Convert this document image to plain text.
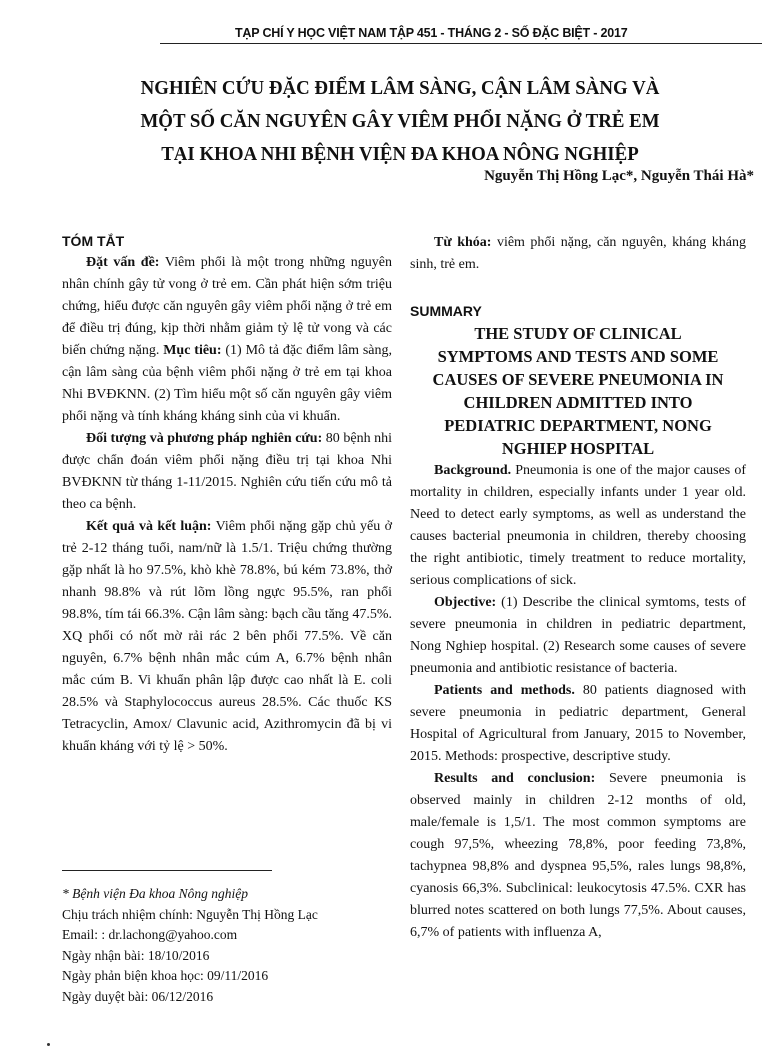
TẠP CHÍ Y HỌC VIỆT NAM TẬP 451 - THÁNG 2 - SỐ ĐẶC BIỆT - 2017
NGHIÊN CỨU ĐẶC ĐIỂM LÂM SÀNG, CẬN LÂM SÀNG VÀ
MỘT SỐ CĂN NGUYÊN GÂY VIÊM PHỔI NẶNG Ở TRẺ EM
TẠI KHOA NHI BỆNH VIỆN ĐA KHOA NÔNG NGHIỆP
Nguyễn Thị Hồng Lạc*, Nguyễn Thái Hà*
TÓM TẮT

Đặt vấn đề: Viêm phổi là một trong những nguyên nhân chính gây tử vong ở trẻ em. Cần phát hiện sớm triệu chứng, hiểu được căn nguyên gây viêm phổi nặng ở trẻ em để điều trị đúng, kịp thời nhằm giảm tỷ lệ tử vong và các biến chứng nặng. Mục tiêu: (1) Mô tả đặc điểm lâm sàng, cận lâm sàng của bệnh viêm phổi nặng ở trẻ em tại khoa Nhi BVĐKNN. (2) Tìm hiểu một số căn nguyên gây viêm phổi nặng và tính kháng kháng sinh của vi khuẩn.

Đối tượng và phương pháp nghiên cứu: 80 bệnh nhi được chẩn đoán viêm phổi nặng điều trị tại khoa Nhi BVĐKNN từ tháng 1-11/2015. Nghiên cứu tiến cứu mô tả theo ca bệnh.

Kết quả và kết luận: Viêm phổi nặng gặp chủ yếu ở trẻ 2-12 tháng tuổi, nam/nữ là 1.5/1. Triệu chứng thường gặp nhất là ho 97.5%, khò khè 78.8%, bú kém 73.8%, thở nhanh 98.8% và rút lõm lồng ngực 95.5%, ran phổi 98.8%, tím tái 66.3%. Cận lâm sàng: bạch cầu tăng 47.5%. XQ phổi có nốt mờ rải rác 2 bên phổi 77.5%. Về căn nguyên, 6.7% bệnh nhân mắc cúm A, 6.7% bệnh nhân mắc cúm B. Vi khuẩn phân lập được cao nhất là E. coli 28.5% và Staphylococcus aureus 28.5%. Các thuốc KS Tetracyclin, Amox/ Clavunic acid, Azithromycin đã bị vi khuẩn kháng với tỷ lệ > 50%.

Từ khóa: viêm phổi nặng, căn nguyên, kháng kháng sinh, trẻ em.

SUMMARY
THE STUDY OF CLINICAL
SYMPTOMS AND TESTS AND SOME
CAUSES OF SEVERE PNEUMONIA IN
CHILDREN ADMITTED INTO
PEDIATRIC DEPARTMENT, NONG
NGHIEP HOSPITAL

Background. Pneumonia is one of the major causes of mortality in children, especially infants under 1 year old. Need to detect early symptoms, as well as understand the causes bacterial pneumonia in children, thereby choosing the right antibiotic, timely treatment to reduce mortality, serious complications of sick.

Objective: (1) Describe the clinical symtoms, tests of severe pneumonia in children in pediatric department, Nong Nghiep hospital. (2) Research some causes of severe pneumonia and antibiotic resistance of bacteria.

Patients and methods. 80 patients diagnosed with severe pneumonia in pediatric department, General Hospital of Agricultural from January, 2015 to November, 2015. Methods: prospective, descriptive study.

Results and conclusion: Severe pneumonia is observed mainly in children 2-12 months of old, male/female is 1,5/1. The most common symptoms are cough 97,5%, wheezing 78,8%, poor feeding 73,8%, tachypnea 98,8% and dyspnea 95,5%, rales lungs 98,8%, cyanosis 66,3%. Subclinical: leukocytosis 47.5%. CXR has blurred notes scattered on both lungs 77,5%. About causes, 6,7% of patients with influenza A,

* Bệnh viện Đa khoa Nông nghiệp
Chịu trách nhiệm chính: Nguyễn Thị Hồng Lạc
Email: : dr.lachong@yahoo.com
Ngày nhận bài: 18/10/2016
Ngày phản biện khoa học: 09/11/2016
Ngày duyệt bài: 06/12/2016
